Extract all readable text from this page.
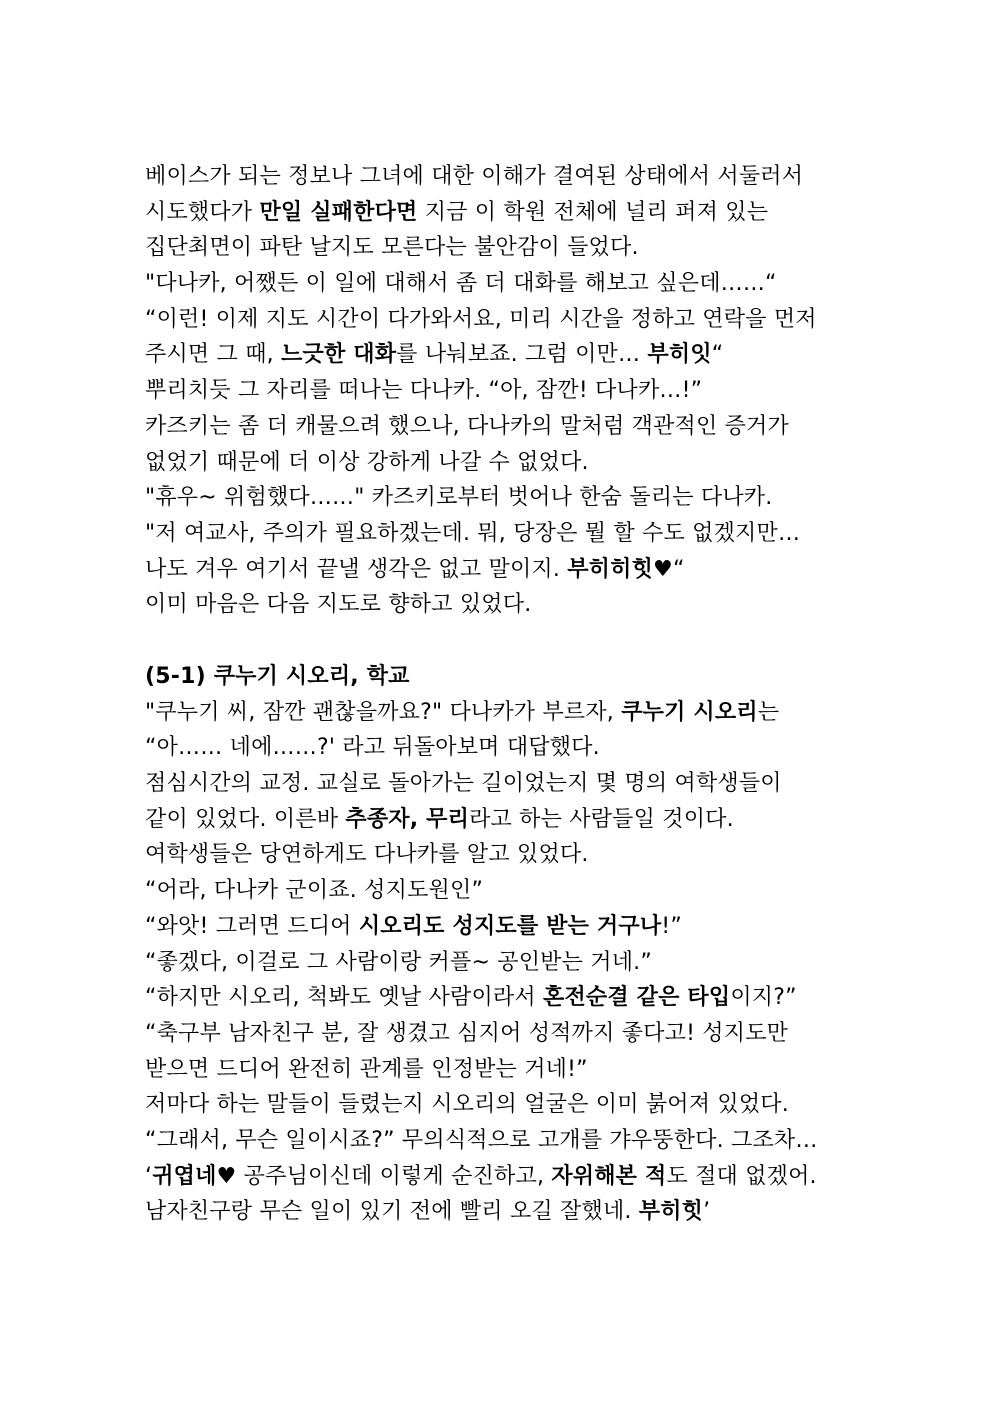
베이스가 되는 정보나 그녀에 대한 이해가 결여된 상태에서 서둘러서
시도했다가 만일 실패한다면 지금 이 학원 전체에 널리 퍼져 있는
집단최면이 파탄 날지도 모른다는 불안감이 들었다.
"다나카, 어쨌든 이 일에 대해서 좀 더 대화를 해보고 싶은데……“
“이런! 이제 지도 시간이 다가와서요, 미리 시간을 정하고 연락을 먼저
주시면 그 때, 느긋한 대화를 나눠보죠. 그럼 이만… 부히잇“
뿌리치듯 그 자리를 떠나는 다나카. “아, 잠깐! 다나카…!”
카즈키는 좀 더 캐물으려 했으나, 다나카의 말처럼 객관적인 증거가
없었기 때문에 더 이상 강하게 나갈 수 없었다.
"휴우~ 위험했다……" 카즈키로부터 벗어나 한숨 돌리는 다나카.
"저 여교사, 주의가 필요하겠는데. 뭐, 당장은 뭘 할 수도 없겠지만…
나도 겨우 여기서 끝낼 생각은 없고 말이지. 부히히힛♥“
이미 마음은 다음 지도로 향하고 있었다.
(5-1) 쿠누기 시오리, 학교
"쿠누기 씨, 잠깐 괜찮을까요?" 다나카가 부르자, 쿠누기 시오리는
“아…… 네에……?' 라고 뒤돌아보며 대답했다.
점심시간의 교정. 교실로 돌아가는 길이었는지 몇 명의 여학생들이
같이 있었다. 이른바 추종자, 무리라고 하는 사람들일 것이다.
여학생들은 당연하게도 다나카를 알고 있었다.
“어라, 다나카 군이죠. 성지도원인”
“와앗! 그러면 드디어 시오리도 성지도를 받는 거구나!”
“좋겠다, 이걸로 그 사람이랑 커플~ 공인받는 거네.”
“하지만 시오리, 척봐도 옛날 사람이라서 혼전순결 같은 타입이지?”
“축구부 남자친구 분, 잘 생겼고 심지어 성적까지 좋다고! 성지도만
받으면 드디어 완전히 관계를 인정받는 거네!”
저마다 하는 말들이 들렸는지 시오리의 얼굴은 이미 붉어져 있었다.
“그래서, 무슨 일이시죠?” 무의식적으로 고개를 갸우뚱한다. 그조차…
‘귀엽네♥ 공주님이신데 이렇게 순진하고, 자위해본 적도 절대 없겠어.
남자친구랑 무슨 일이 있기 전에 빨리 오길 잘했네. 부히힛’
